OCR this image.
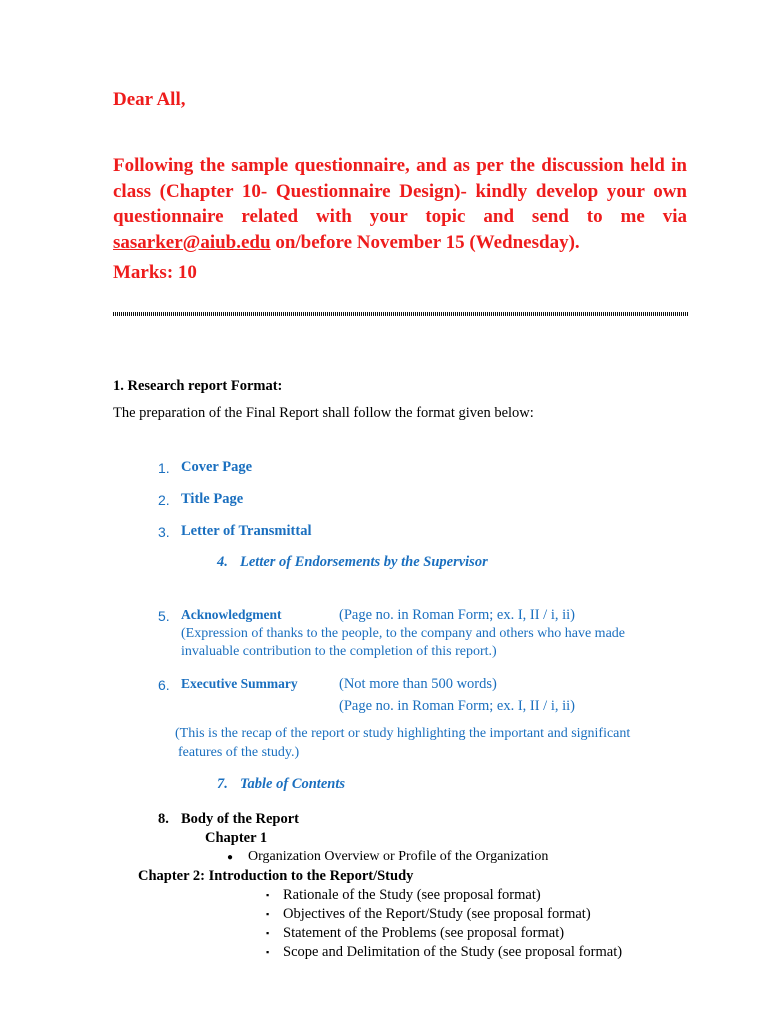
Dear All,
Following the sample questionnaire, and as per the discussion held in class (Chapter 10- Questionnaire Design)- kindly develop your own questionnaire related with your topic and send to me via sasarker@aiub.edu on/before November 15 (Wednesday).
Marks: 10
1. Research report Format:
The preparation of the Final Report shall follow the format given below:
1. Cover Page
2. Title Page
3. Letter of Transmittal
4. Letter of Endorsements by the Supervisor
5. Acknowledgment	(Page no. in Roman Form; ex. I, II / i, ii)
(Expression of thanks to the people, to the company and others who have made
invaluable contribution to the completion of this report.)
6. Executive Summary	(Not more than 500 words)
(Page no. in Roman Form; ex. I, II / i, ii)
(This is the recap of the report or study highlighting the important and significant
features of the study.)
7. Table of Contents
8. Body of the Report
Chapter 1
● Organization Overview or Profile of the Organization
Chapter 2: Introduction to the Report/Study
▪ Rationale of the Study (see proposal format)
▪ Objectives of the Report/Study (see proposal format)
▪ Statement of the Problems (see proposal format)
▪ Scope and Delimitation of the Study (see proposal format)
